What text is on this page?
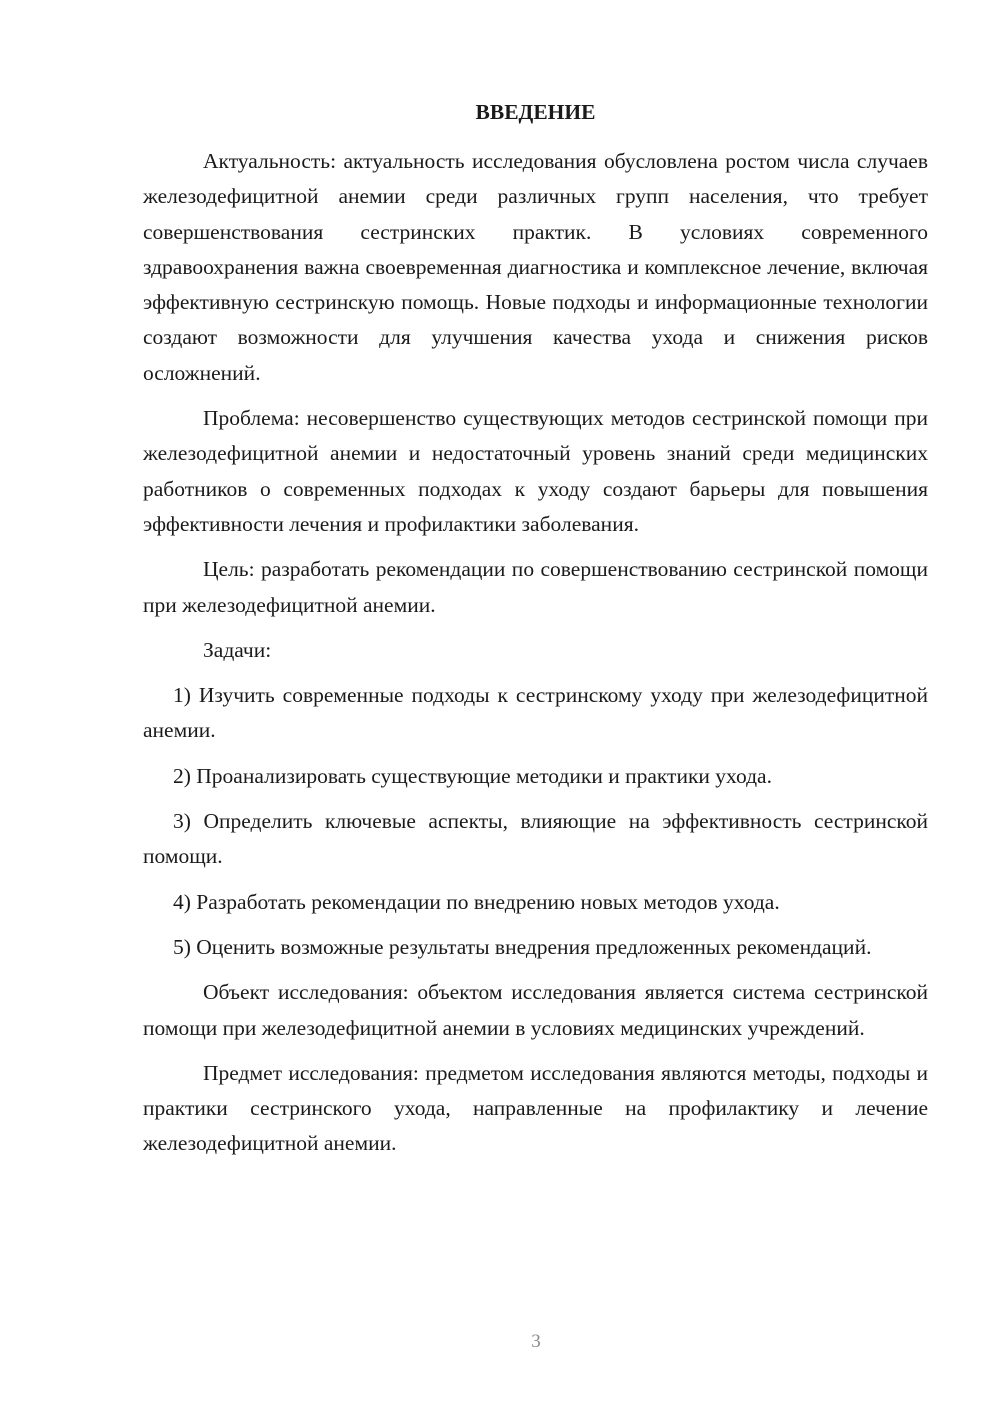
ВВЕДЕНИЕ

Актуальность: актуальность исследования обусловлена ростом числа случаев железодефицитной анемии среди различных групп населения, что требует совершенствования сестринских практик. В условиях современного здравоохранения важна своевременная диагностика и комплексное лечение, включая эффективную сестринскую помощь. Новые подходы и информационные технологии создают возможности для улучшения качества ухода и снижения рисков осложнений.

Проблема: несовершенство существующих методов сестринской помощи при железодефицитной анемии и недостаточный уровень знаний среди медицинских работников о современных подходах к уходу создают барьеры для повышения эффективности лечения и профилактики заболевания.

Цель: разработать рекомендации по совершенствованию сестринской помощи при железодефицитной анемии.

Задачи:

1) Изучить современные подходы к сестринскому уходу при железодефицитной анемии.

2) Проанализировать существующие методики и практики ухода.

3) Определить ключевые аспекты, влияющие на эффективность сестринской помощи.

4) Разработать рекомендации по внедрению новых методов ухода.

5) Оценить возможные результаты внедрения предложенных рекомендаций.

Объект исследования: объектом исследования является система сестринской помощи при железодефицитной анемии в условиях медицинских учреждений.

Предмет исследования: предметом исследования являются методы, подходы и практики сестринского ухода, направленные на профилактику и лечение железодефицитной анемии.

3
